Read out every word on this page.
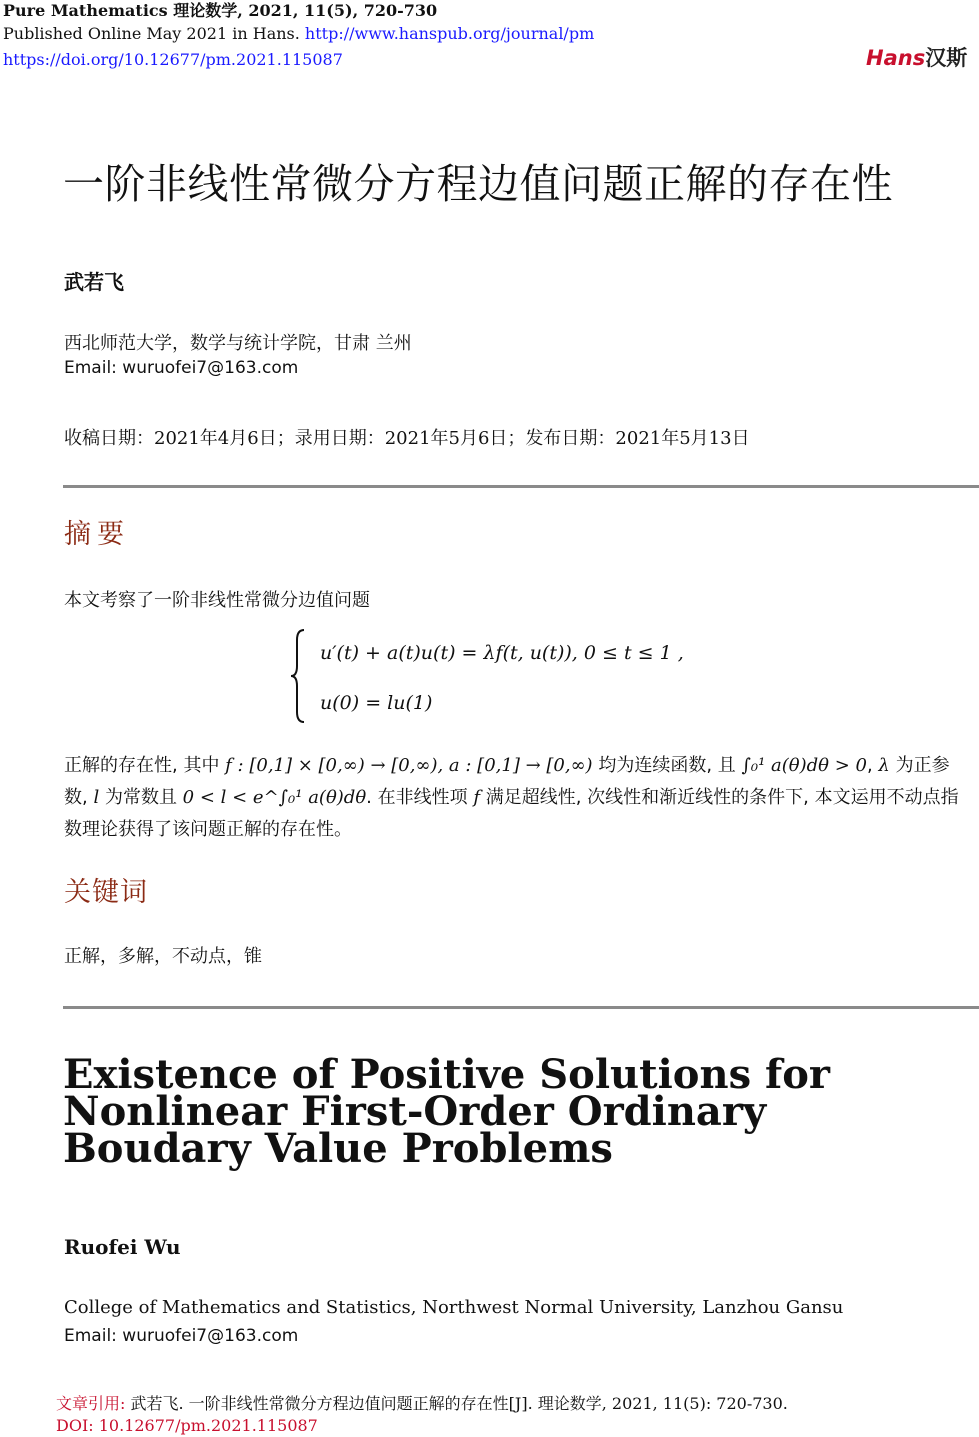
Pure Mathematics 理论数学, 2021, 11(5), 720-730
Published Online May 2021 in Hans. http://www.hanspub.org/journal/pm
https://doi.org/10.12677/pm.2021.115087	Hans汉斯
一阶非线性常微分方程边值问题正解的存在性
武若飞
西北师范大学，数学与统计学院，甘肃 兰州
Email: wuruofei7@163.com
收稿日期：2021年4月6日；录用日期：2021年5月6日；发布日期：2021年5月13日
摘要
本文考察了一阶非线性常微分边值问题
u′(t) + a(t)u(t) = λf(t, u(t)), 0 ≤ t ≤ 1 ,
u(0) = lu(1)
正解的存在性, 其中 f : [0,1] × [0,∞) → [0,∞), a : [0,1] → [0,∞) 均为连续函数, 且 ∫₀¹ a(θ)dθ > 0, λ 为正参数, l 为常数且 0 < l < e^∫₀¹ a(θ)dθ. 在非线性项 f 满足超线性, 次线性和渐近线性的条件下, 本文运用不动点指数理论获得了该问题正解的存在性。
关键词
正解，多解，不动点，锥
Existence of Positive Solutions for Nonlinear First-Order Ordinary Boudary Value Problems
Ruofei Wu
College of Mathematics and Statistics, Northwest Normal University, Lanzhou Gansu
Email: wuruofei7@163.com
文章引用: 武若飞. 一阶非线性常微分方程边值问题正解的存在性[J]. 理论数学, 2021, 11(5): 720-730.
DOI: 10.12677/pm.2021.115087
